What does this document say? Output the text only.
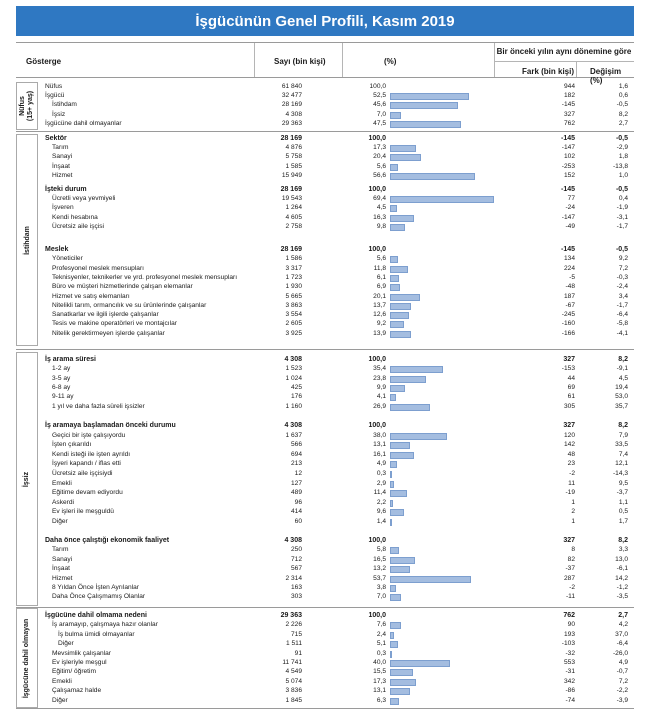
İşgücünün Genel Profili, Kasım 2019
Gösterge	Sayı (bin kişi)	(%)
Bir önceki yılın aynı dönemine göre
Fark (bin kişi) Değişim (%)
Nüfus (15+ yaş)
İstihdam
İşsiz
İşgücüne dahil olmayan
Nüfus	61 840	100,0	944	1,6
İşgücü	32 477	52,5	182	0,6
İstihdam	28 169	45,6	-145	-0,5
İşsiz	4 308	7,0	327	8,2
İşgücüne dahil olmayanlar	29 363	47,5	762	2,7
Sektör	28 169	100,0	-145	-0,5
Tarım	4 876	17,3	-147	-2,9
Sanayi	5 758	20,4	102	1,8
İnşaat	1 585	5,6	-253	-13,8
Hizmet	15 949	56,6	152	1,0
İşteki durum	28 169	100,0	-145	-0,5
Ücretli veya yevmiyeli	19 543	69,4	77	0,4
İşveren	1 264	4,5	-24	-1,9
Kendi hesabına	4 605	16,3	-147	-3,1
Ücretsiz aile işçisi	2 758	9,8	-49	-1,7
Meslek	28 169	100,0	-145	-0,5
Yöneticiler	1 586	5,6	134	9,2
Profesyonel meslek mensupları	3 317	11,8	224	7,2
Teknisyenler, teknikerler ve yrd. profesyonel meslek mensupları	1 723	6,1	-5	-0,3
Büro ve müşteri hizmetlerinde çalışan elemanlar	1 930	6,9	-48	-2,4
Hizmet ve satış elemanları	5 665	20,1	187	3,4
Nitelikli tarım, ormancılık ve su ürünlerinde çalışanlar	3 863	13,7	-67	-1,7
Sanatkarlar ve ilgili işlerde çalışanlar	3 554	12,6	-245	-6,4
Tesis ve makine operatörleri ve montajcılar	2 605	9,2	-160	-5,8
Nitelik gerektirmeyen işlerde çalışanlar	3 925	13,9	-166	-4,1
İş arama süresi	4 308	100,0	327	8,2
1-2 ay	1 523	35,4	-153	-9,1
3-5 ay	1 024	23,8	44	4,5
6-8 ay	425	9,9	69	19,4
9-11 ay	176	4,1	61	53,0
1 yıl ve daha fazla süreli işsizler	1 160	26,9	305	35,7
İş aramaya başlamadan önceki durumu	4 308	100,0	327	8,2
Geçici bir işte çalışıyordu	1 637	38,0	120	7,9
İşten çıkarıldı	566	13,1	142	33,5
Kendi isteği ile işten ayrıldı	694	16,1	48	7,4
İşyeri kapandı / iflas etti	213	4,9	23	12,1
Ücretsiz aile işçisiydi	12	0,3	-2	-14,3
Emekli	127	2,9	11	9,5
Eğitime devam ediyordu	489	11,4	-19	-3,7
Askerdi	96	2,2	1	1,1
Ev işleri ile meşguldü	414	9,6	2	0,5
Diğer	60	1,4	1	1,7
Daha önce çalıştığı ekonomik faaliyet	4 308	100,0	327	8,2
Tarım	250	5,8	8	3,3
Sanayi	712	16,5	82	13,0
İnşaat	567	13,2	-37	-6,1
Hizmet	2 314	53,7	287	14,2
8 Yıldan Önce İşten Ayrılanlar	163	3,8	-2	-1,2
Daha Önce Çalışmamış Olanlar	303	7,0	-11	-3,5
İşgücüne dahil olmama nedeni	29 363	100,0	762	2,7
İş aramayıp, çalışmaya hazır olanlar	2 226	7,6	90	4,2
İş bulma ümidi olmayanlar	715	2,4	193	37,0
Diğer	1 511	5,1	-103	-6,4
Mevsimlik çalışanlar	91	0,3	-32	-26,0
Ev işleriyle meşgul	11 741	40,0	553	4,9
Eğitim/ öğretim	4 549	15,5	-31	-0,7
Emekli	5 074	17,3	342	7,2
Çalışamaz halde	3 836	13,1	-86	-2,2
Diğer	1 845	6,3	-74	-3,9
